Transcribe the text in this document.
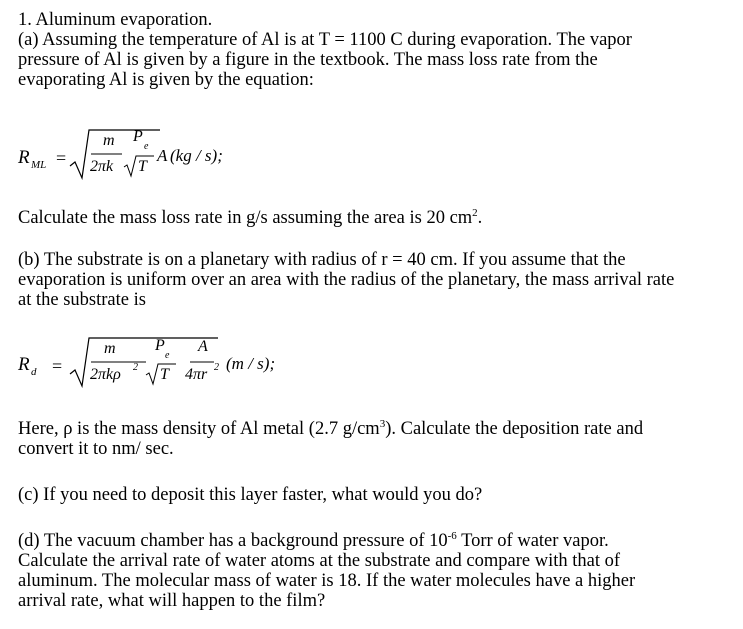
1. Aluminum evaporation.
(a) Assuming the temperature of Al is at T = 1100 C during evaporation. The vapor
pressure of Al is given by a figure in the textbook. The mass loss rate from the
evaporating Al is given by the equation:
R ML =
m
2πk
P
e
T
A (kg / s);
Calculate the mass loss rate in g/s assuming the area is 20 $cm^2$.
(b) The substrate is on a planetary with radius of r = 40 cm. If you assume that the
evaporation is uniform over an area with the radius of the planetary, the mass arrival rate
at the substrate is
R d =
m
2πkρ 2
P
e
T
A
4πr 2 (m / s);
Here, ρ is the mass density of Al metal (2.7 $g/cm^3$). Calculate the deposition rate and
convert it to nm/ sec.
(c) If you need to deposit this layer faster, what would you do?
(d) The vacuum chamber has a background pressure of $10^{-6}$ Torr of water vapor.
Calculate the arrival rate of water atoms at the substrate and compare with that of
aluminum. The molecular mass of water is 18. If the water molecules have a higher
arrival rate, what will happen to the film?
